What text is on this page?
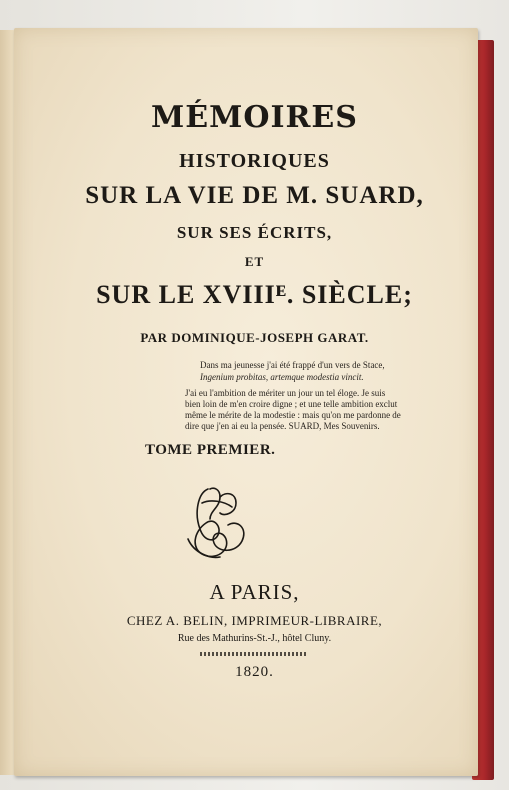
MÉMOIRES
HISTORIQUES
SUR LA VIE DE M. SUARD,
SUR SES ÉCRITS,
ET
SUR LE XVIIIᴱ. SIÈCLE;
PAR DOMINIQUE-JOSEPH GARAT.
Dans ma jeunesse j'ai été frappé d'un vers de Stace,
Ingenium probitas, artemque modestia vincit.
J'ai eu l'ambition de mériter un jour un tel éloge. Je suis
bien loin de m'en croire digne ; et une telle ambition exclut
même le mérite de la modestie : mais qu'on me pardonne de
dire que j'en ai eu la pensée. SUARD, Mes Souvenirs.
TOME PREMIER.
A PARIS,
CHEZ A. BELIN, IMPRIMEUR-LIBRAIRE,
Rue des Mathurins-St.-J., hôtel Cluny.
1820.
